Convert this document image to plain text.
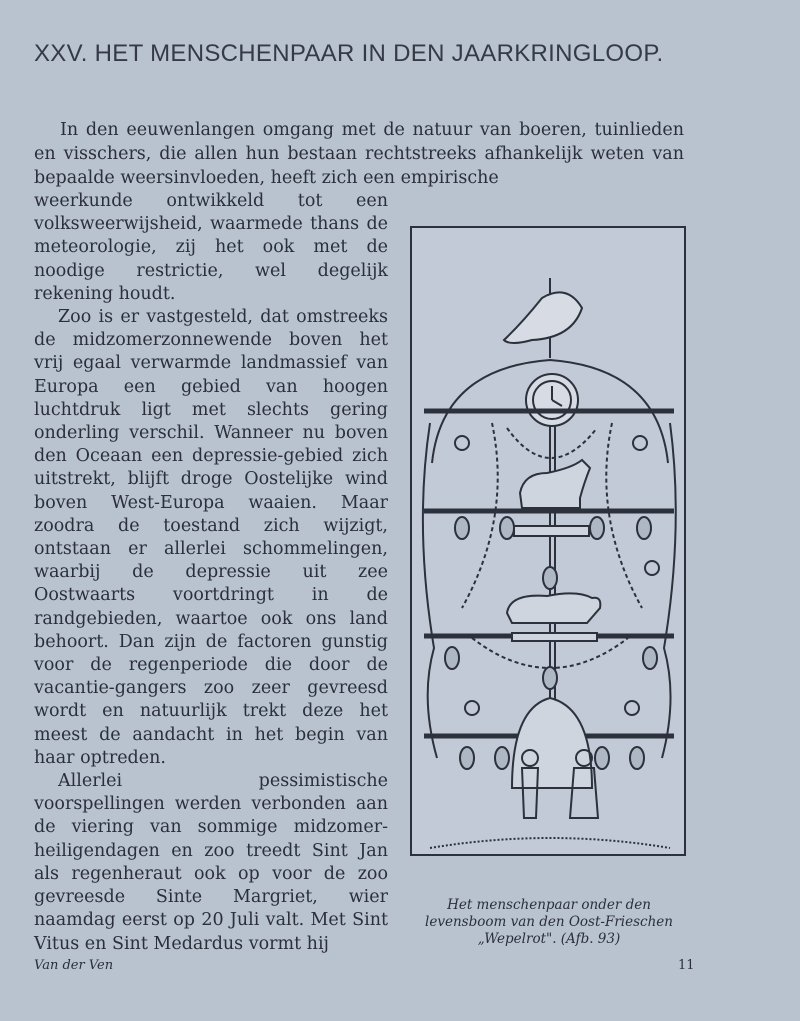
XXV. HET MENSCHENPAAR IN DEN JAARKRINGLOOP.

In den eeuwenlangen omgang met de natuur van boeren, tuinlieden en visschers, die allen hun bestaan rechtstreeks afhankelijk weten van bepaalde weersinvloeden, heeft zich een empirische

weerkunde ontwikkeld tot een volksweerwijsheid, waarmede thans de meteorologie, zij het ook met de noodige restrictie, wel degelijk rekening houdt.

Zoo is er vastgesteld, dat omstreeks de midzomerzonnewende boven het vrij egaal verwarmde landmassief van Europa een gebied van hoogen luchtdruk ligt met slechts gering onderling verschil. Wanneer nu boven den Oceaan een depressie-gebied zich uitstrekt, blijft droge Oostelijke wind boven West-Europa waaien. Maar zoodra de toestand zich wijzigt, ontstaan er allerlei schommelingen, waarbij de depressie uit zee Oostwaarts voortdringt in de randgebieden, waartoe ook ons land behoort. Dan zijn de factoren gunstig voor de regenperiode die door de vacantie-gangers zoo zeer gevreesd wordt en natuurlijk trekt deze het meest de aandacht in het begin van haar optreden.

Allerlei pessimistische voorspellingen werden verbonden aan de viering van sommige midzomer-heiligendagen en zoo treedt Sint Jan als regenheraut ook op voor de zoo gevreesde Sinte Margriet, wier naamdag eerst op 20 Juli valt. Met Sint Vitus en Sint Medardus vormt hij

Het menschenpaar onder den
levensboom van den Oost-Frieschen
„Wepelrot". (Afb. 93)
Van der Ven	11
